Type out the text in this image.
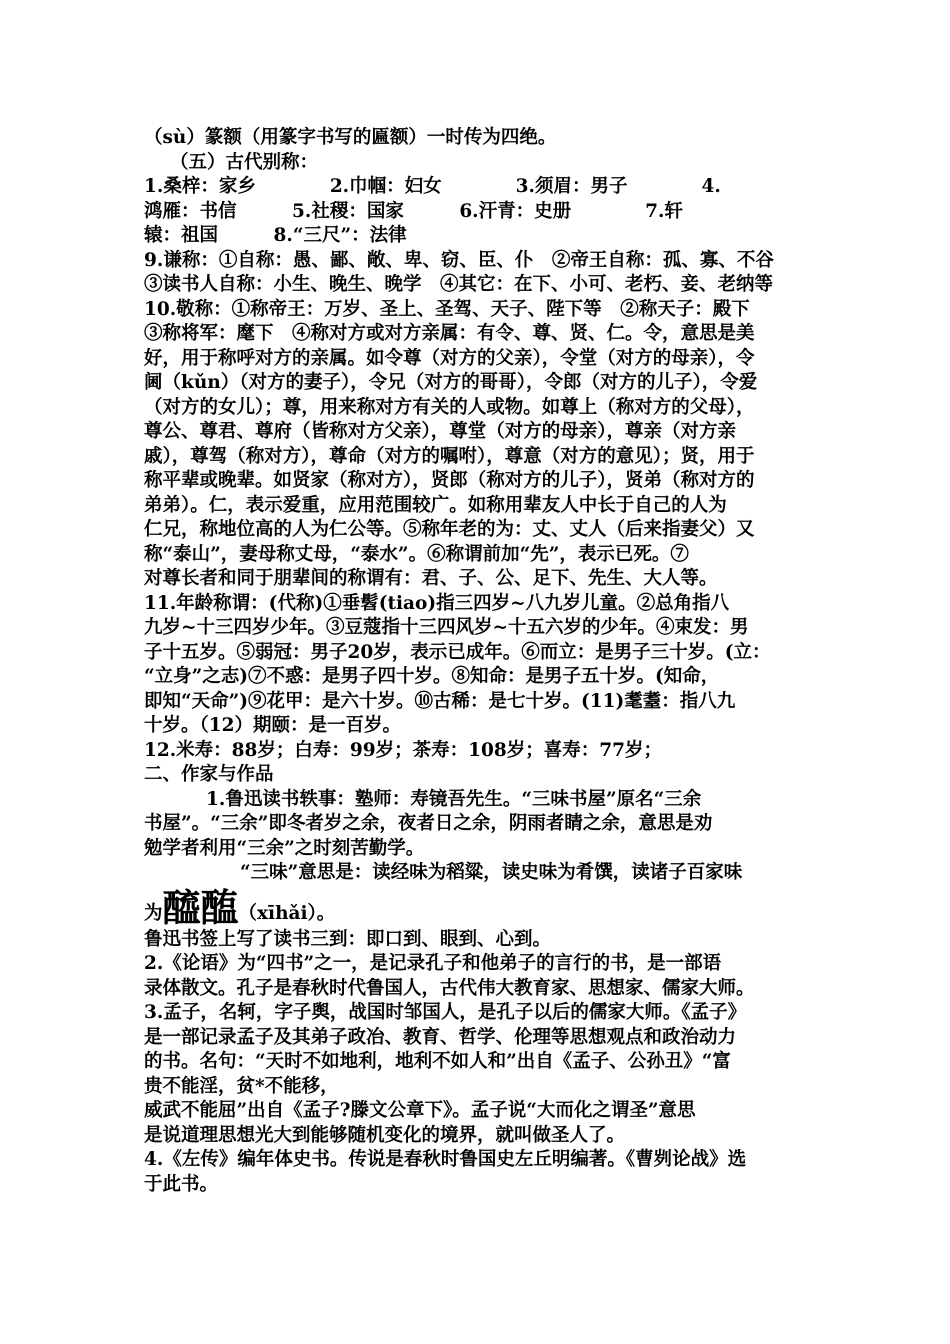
（sù）篆额（用篆字书写的匾额）一时传为四绝。
（五）古代别称：
1.桑梓：家乡　　　　2.巾帼：妇女　　　　3.须眉：男子　　　　4.
鸿雁：书信　　　5.社稷：国家　　　6.汗青：史册　　　　7.轩
辕：祖国　　　8.“三尺”：法律
9.谦称：①自称：愚、鄙、敞、卑、窃、臣、仆　②帝王自称：孤、寡、不谷
③读书人自称：小生、晚生、晚学　④其它：在下、小可、老朽、妾、老纳等
10.敬称：①称帝王：万岁、圣上、圣驾、天子、陛下等　②称天子：殿下
③称将军：麾下　④称对方或对方亲属：有令、尊、贤、仁。令，意思是美
好，用于称呼对方的亲属。如令尊（对方的父亲），令堂（对方的母亲），令
阃（kǔn）（对方的妻子），令兄（对方的哥哥），令郎（对方的儿子），令爱
（对方的女儿）；尊，用来称对方有关的人或物。如尊上（称对方的父母），
尊公、尊君、尊府（皆称对方父亲），尊堂（对方的母亲），尊亲（对方亲
戚），尊驾（称对方），尊命（对方的嘱咐），尊意（对方的意见）；贤，用于
称平辈或晚辈。如贤家（称对方），贤郎（称对方的儿子），贤弟（称对方的
弟弟）。仁，表示爱重，应用范围较广。如称用辈友人中长于自己的人为
仁兄，称地位高的人为仁公等。⑤称年老的为：丈、丈人（后来指妻父）又
称“泰山”，妻母称丈母，“泰水”。⑥称谓前加“先”，表示已死。⑦
对尊长者和同于朋辈间的称谓有：君、子、公、足下、先生、大人等。
11.年龄称谓：(代称)①垂髫(tiao)指三四岁~八九岁儿童。②总角指八
九岁~十三四岁少年。③豆蔻指十三四风岁~十五六岁的少年。④束发：男
子十五岁。⑤弱冠：男子20岁，表示已成年。⑥而立：是男子三十岁。(立：
“立身”之志)⑦不惑：是男子四十岁。⑧知命：是男子五十岁。(知命，
即知“天命”)⑨花甲：是六十岁。⑩古稀：是七十岁。(11)耄耋：指八九
十岁。（12）期颐：是一百岁。
12.米寿：88岁；白寿：99岁；茶寿：108岁；喜寿：77岁；
二、作家与作品
1.鲁迅读书轶事：塾师：寿镜吾先生。“三味书屋”原名“三余
书屋”。“三余”即冬者岁之余，夜者日之余，阴雨者睛之余，意思是劝
勉学者利用“三余”之时刻苦勤学。
“三味”意思是：读经味为稻粱，读史味为肴馔，读诸子百家味
为醯醢（xīhǎi）。
鲁迅书签上写了读书三到：即口到、眼到、心到。
2.《论语》为“四书”之一，是记录孔子和他弟子的言行的书，是一部语
录体散文。孔子是春秋时代鲁国人，古代伟大教育家、思想家、儒家大师。
3.孟子，名轲，字子舆，战国时邹国人，是孔子以后的儒家大师。《孟子》
是一部记录孟子及其弟子政冶、教育、哲学、伦理等思想观点和政治动力
的书。名句：“天时不如地利，地利不如人和”出自《孟子、公孙丑》“富
贵不能淫，贫*不能移，
威武不能屈”出自《孟子?滕文公章下》。孟子说“大而化之谓圣”意思
是说道理思想光大到能够随机变化的境界，就叫做圣人了。
4.《左传》编年体史书。传说是春秋时鲁国史左丘明编著。《曹刿论战》选
于此书。
